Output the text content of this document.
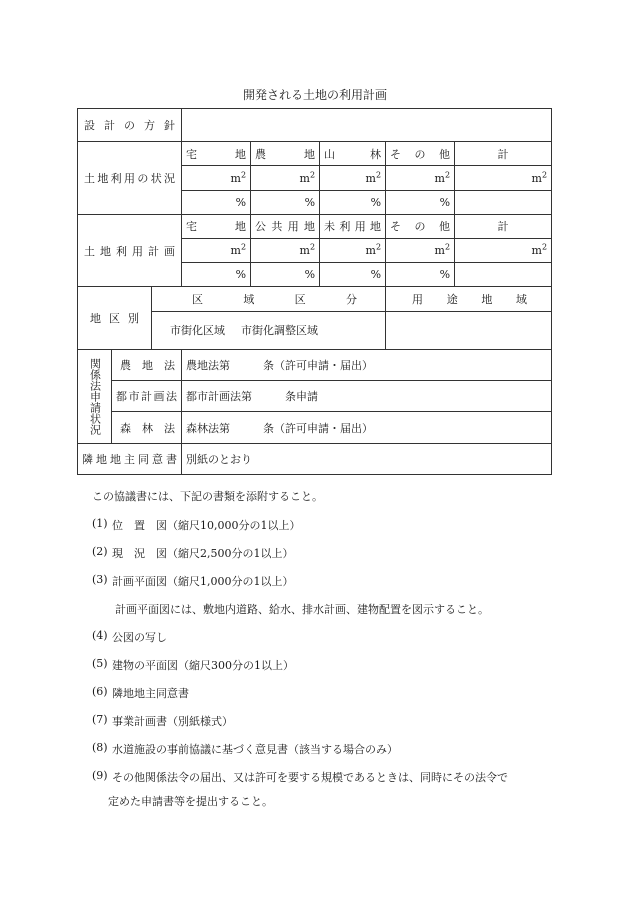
開発される土地の利用計画
設計の方針							

土地利用の状況			宅地	農地	山林	その他	計
			$m^2$	$m^2$	$m^2$	$m^2$	$m^2$
			%	%	%	%	

土地利用計画			宅地	公共用地	未利用地	その他	計
			$m^2$	$m^2$	$m^2$	$m^2$	$m^2$
			%	%	%	%	

地区別		区域区分				用途地域	

		市街化区域 市街化調整区域					
関係法申請状況	農地法		農地法第　　　条（許可申請・届出）				

	都市計画法		都市計画法第　　　条申請				

	森林法		森林法第　　　条（許可申請・届出）				

隣地地主同意書			別紙のとおり				
この協議書には、下記の書類を添附すること。
(1) 位　置　図（縮尺10,000分の1以上）
(2) 現　況　図（縮尺2,500分の1以上）
(3) 計画平面図（縮尺1,000分の1以上）
計画平面図には、敷地内道路、給水、排水計画、建物配置を図示すること。
(4) 公図の写し
(5) 建物の平面図（縮尺300分の1以上）
(6) 隣地地主同意書
(7) 事業計画書（別紙様式）
(8) 水道施設の事前協議に基づく意見書（該当する場合のみ）
(9) その他関係法令の届出、又は許可を要する規模であるときは、同時にその法令で
定めた申請書等を提出すること。
